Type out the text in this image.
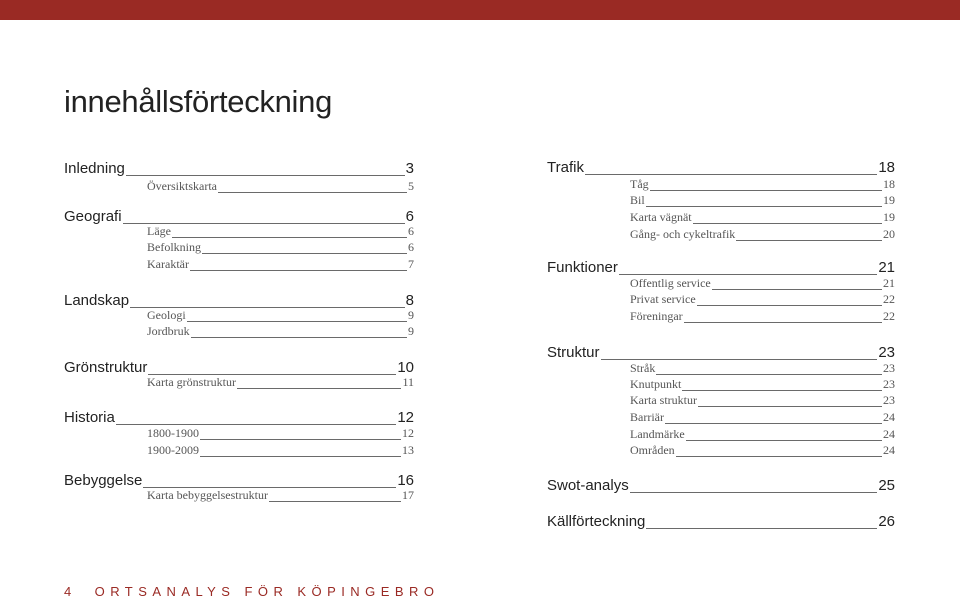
innehållsförteckning
Inledning	3
Översiktskarta	5
Geografi	6
Läge	6
Befolkning	6
Karaktär	7
Landskap	8
Geologi	9
Jordbruk	9
Grönstruktur	10
Karta grönstruktur	11
Historia	12
1800-1900	12
1900-2009	13
Bebyggelse	16
Karta bebyggelsestruktur	17
Trafik	18
Tåg	18
Bil	19
Karta vägnät	19
Gång- och cykeltrafik	20
Funktioner	21
Offentlig service	21
Privat service	22
Föreningar	22
Struktur	23
Stråk	23
Knutpunkt	23
Karta struktur	23
Barriär	24
Landmärke	24
Områden	24
Swot-analys	25
Källförteckning	26
4 ORTSANALYS FÖR KÖPINGEBRO
